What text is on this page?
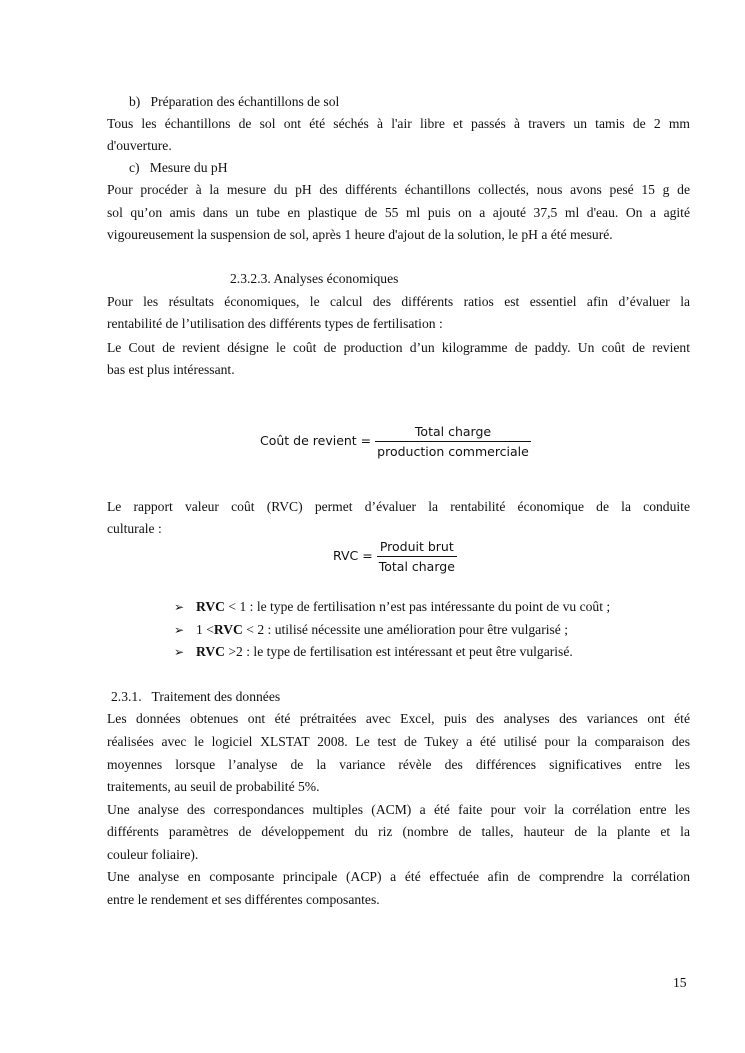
b)   Préparation des échantillons de sol
Tous les échantillons de sol ont été séchés à l'air libre et passés à travers un tamis de 2 mm
d'ouverture.
c)   Mesure du pH
Pour procéder à la mesure du pH des différents échantillons collectés, nous avons pesé 15 g de
sol qu’on amis dans un tube en plastique de 55 ml puis on a ajouté 37,5 ml d'eau. On a agité
vigoureusement la suspension de sol, après 1 heure d'ajout de la solution, le pH a été mesuré.
2.3.2.3. Analyses économiques
Pour les résultats économiques, le calcul des différents ratios est essentiel afin d’évaluer la
rentabilité de l’utilisation des différents types de fertilisation :
Le Cout de revient désigne le coût de production d’un kilogramme de paddy. Un coût de revient
bas est plus intéressant.
Coût de revient = $\frac{\text{Total charge}}{\text{production commerciale}}$
Le rapport valeur coût (RVC) permet d’évaluer la rentabilité économique de la conduite
culturale :
RVC = $\frac{\text{Produit brut}}{\text{Total charge}}$
➢ RVC < 1 : le type de fertilisation n’est pas intéressante du point de vu coût ;
➢ 1 <RVC < 2 : utilisé nécessite une amélioration pour être vulgarisé ;
➢ RVC >2 : le type de fertilisation est intéressant et peut être vulgarisé.
2.3.1.   Traitement des données
Les données obtenues ont été prétraitées avec Excel, puis des analyses des variances ont été
réalisées avec le logiciel XLSTAT 2008. Le test de Tukey a été utilisé pour la comparaison des
moyennes lorsque l’analyse de la variance révèle des différences significatives entre les
traitements, au seuil de probabilité 5%.
Une analyse des correspondances multiples (ACM) a été faite pour voir la corrélation entre les
différents paramètres de développement du riz (nombre de talles, hauteur de la plante et la
couleur foliaire).
Une analyse en composante principale (ACP) a été effectuée afin de comprendre la corrélation
entre le rendement et ses différentes composantes.
15
